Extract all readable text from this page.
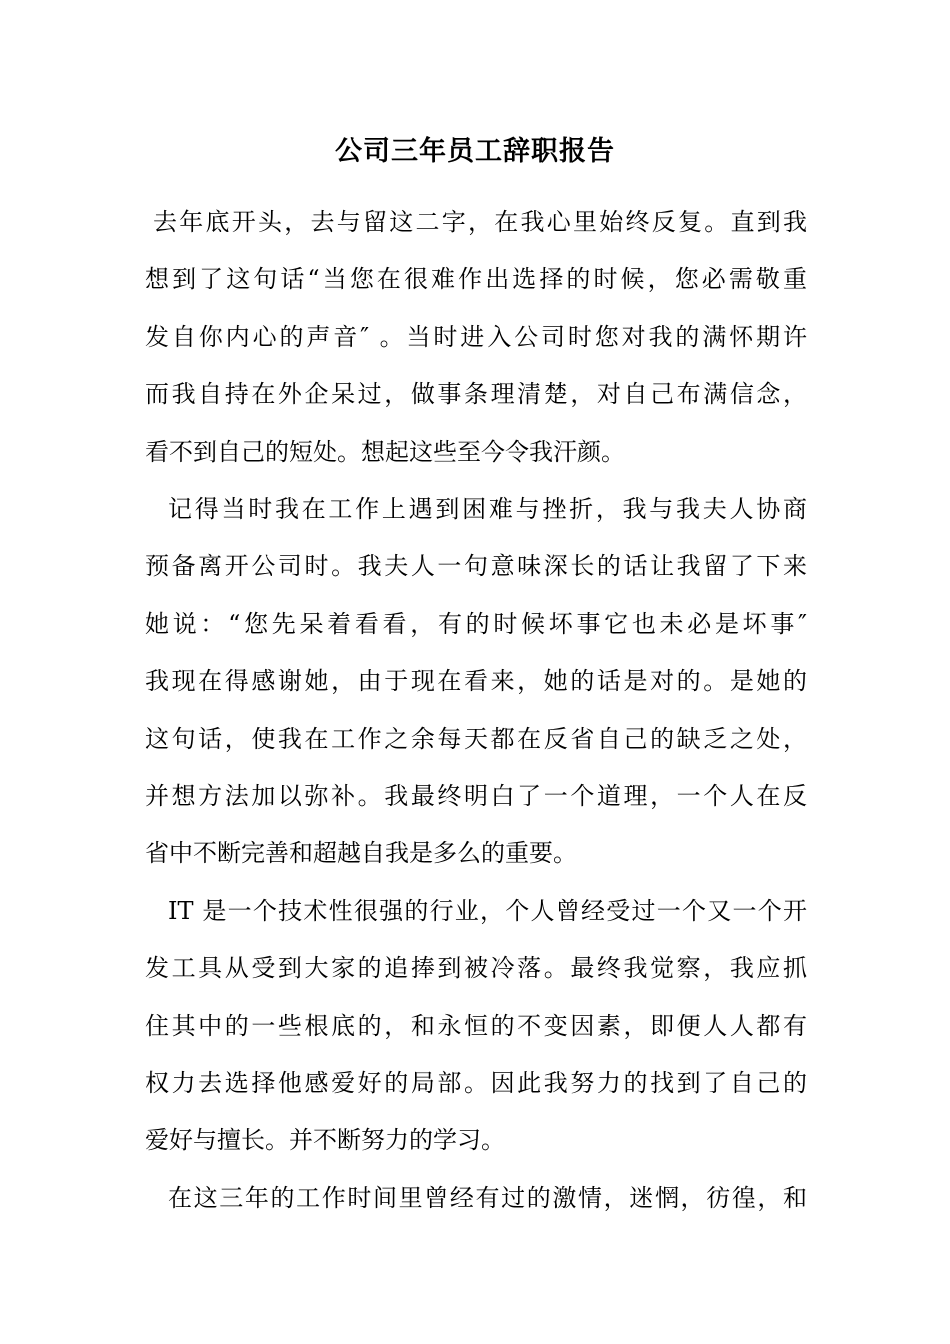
公司三年员工辞职报告
去年底开头，去与留这二字，在我心里始终反复。直到我
想到了这句话“当您在很难作出选择的时候，您必需敬重
发自你内心的声音″ 。当时进入公司时您对我的满怀期许
而我自持在外企呆过，做事条理清楚，对自己布满信念，
看不到自己的短处。想起这些至今令我汗颜。
记得当时我在工作上遇到困难与挫折，我与我夫人协商
预备离开公司时。我夫人一句意味深长的话让我留了下来
她说：“您先呆着看看，有的时候坏事它也未必是坏事″
我现在得感谢她，由于现在看来，她的话是对的。是她的
这句话，使我在工作之余每天都在反省自己的缺乏之处，
并想方法加以弥补。我最终明白了一个道理，一个人在反
省中不断完善和超越自我是多么的重要。
IT 是一个技术性很强的行业，个人曾经受过一个又一个开
发工具从受到大家的追捧到被冷落。最终我觉察，我应抓
住其中的一些根底的，和永恒的不变因素，即便人人都有
权力去选择他感爱好的局部。因此我努力的找到了自己的
爱好与擅长。并不断努力的学习。
在这三年的工作时间里曾经有过的激情，迷惘，彷徨，和
